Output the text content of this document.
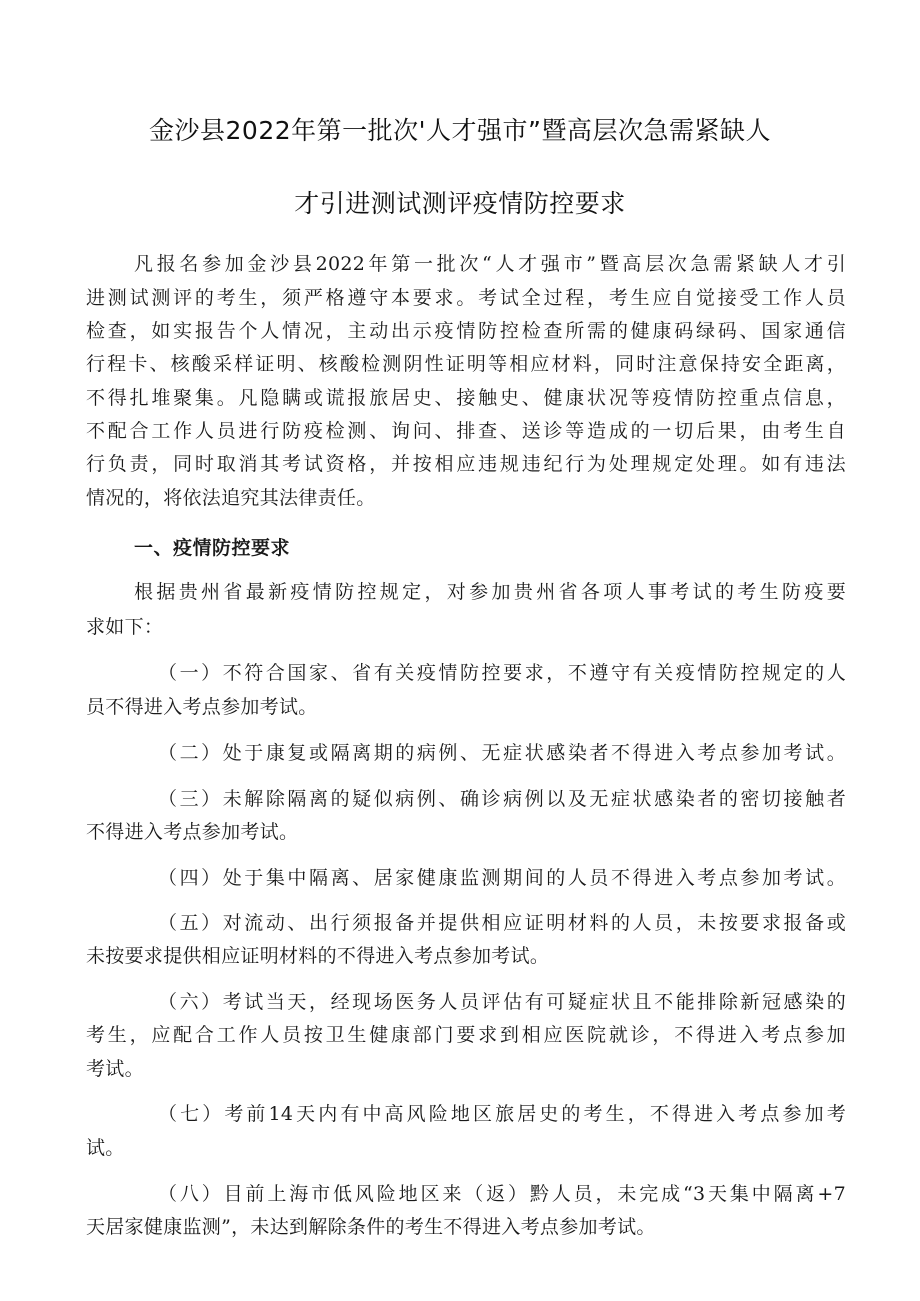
金沙县2022年第一批次'人才强市”暨高层次急需紧缺人
才引进测试测评疫情防控要求
凡报名参加金沙县2022年第一批次“人才强市”暨高层次急需紧缺人才引
进测试测评的考生，须严格遵守本要求。考试全过程，考生应自觉接受工作人员
检查，如实报告个人情况，主动出示疫情防控检查所需的健康码绿码、国家通信
行程卡、核酸采样证明、核酸检测阴性证明等相应材料，同时注意保持安全距离，
不得扎堆聚集。凡隐瞒或谎报旅居史、接触史、健康状况等疫情防控重点信息，
不配合工作人员进行防疫检测、询问、排查、送诊等造成的一切后果，由考生自
行负责，同时取消其考试资格，并按相应违规违纪行为处理规定处理。如有违法
情况的，将依法追究其法律责任。
一、疫情防控要求
根据贵州省最新疫情防控规定，对参加贵州省各项人事考试的考生防疫要
求如下：
（一）不符合国家、省有关疫情防控要求，不遵守有关疫情防控规定的人
员不得进入考点参加考试。
（二）处于康复或隔离期的病例、无症状感染者不得进入考点参加考试。
（三）未解除隔离的疑似病例、确诊病例以及无症状感染者的密切接触者
不得进入考点参加考试。
（四）处于集中隔离、居家健康监测期间的人员不得进入考点参加考试。
（五）对流动、出行须报备并提供相应证明材料的人员，未按要求报备或
未按要求提供相应证明材料的不得进入考点参加考试。
（六）考试当天，经现场医务人员评估有可疑症状且不能排除新冠感染的
考生，应配合工作人员按卫生健康部门要求到相应医院就诊，不得进入考点参加
考试。
（七）考前14天内有中高风险地区旅居史的考生，不得进入考点参加考
试。
（八）目前上海市低风险地区来（返）黔人员，未完成“3天集中隔离+7
天居家健康监测”，未达到解除条件的考生不得进入考点参加考试。
